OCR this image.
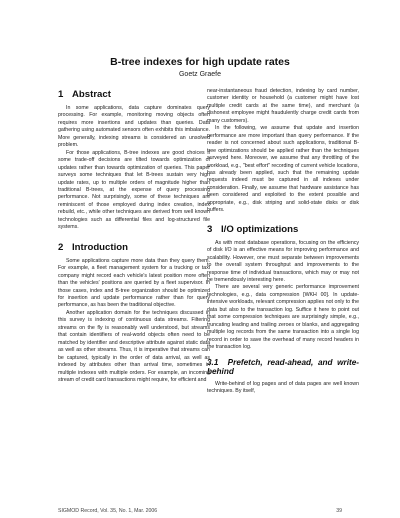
B-tree indexes for high update rates
Goetz Graefe
1 Abstract

In some applications, data capture dominates query processing. For example, monitoring moving objects often requires more insertions and updates than queries. Data gathering using automated sensors often exhibits this imbalance. More generally, indexing streams is considered an unsolved problem.

For those applications, B-tree indexes are good choices if some trade-off decisions are tilted towards optimization of updates rather than towards optimization of queries. This paper surveys some techniques that let B-trees sustain very high update rates, up to multiple orders of magnitude higher than traditional B-trees, at the expense of query processing performance. Not surprisingly, some of these techniques are reminiscent of those employed during index creation, index rebuild, etc., while other techniques are derived from well known technologies such as differential files and log-structured file systems.

2 Introduction

Some applications capture more data than they query them. For example, a fleet management system for a trucking or taxi company might record each vehicle's latest position more often than the vehicles' positions are queried by a fleet supervisor. In those cases, index and B-tree organization should be optimized for insertion and update performance rather than for query performance, as has been the traditional objective.

Another application domain for the techniques discussed in this survey is indexing of continuous data streams. Filtering streams on the fly is reasonably well understood, but streams that contain identifiers of real-world objects often need to be matched by identifier and descriptive attribute against static data as well as other streams. Thus, it is imperative that streams can be captured, typically in the order of data arrival, as well as indexed by attributes other than arrival time, sometimes in multiple indexes with multiple orders. For example, an incoming stream of credit card transactions might require, for efficient and

near-instantaneous fraud detection, indexing by card number, customer identity or household (a customer might have lost multiple credit cards at the same time), and merchant (a dishonest employee might fraudulently charge credit cards from many customers).

In the following, we assume that update and insertion performance are more important than query performance. If the reader is not concerned about such applications, traditional B-tree optimizations should be applied rather than the techniques surveyed here. Moreover, we assume that any throttling of the workload, e.g., "best effort" recording of current vehicle locations, has already been applied, such that the remaining update requests indeed must be captured in all indexes under consideration. Finally, we assume that hardware assistance has been considered and exploited to the extent possible and appropriate, e.g., disk striping and solid-state disks or disk buffers.

3 I/O optimizations

As with most database operations, focusing on the efficiency of disk I/O is an effective means for improving performance and scalability. However, one must separate between improvements to the overall system throughput and improvements to the response time of individual transactions, which may or may not be tremendously interesting here.

There are several very generic performance improvement technologies, e.g., data compression [WKH 00]. In update-intensive workloads, relevant compression applies not only to the data but also to the transaction log. Suffice it here to point out that some compression techniques are surprisingly simple, e.g., truncating leading and trailing zeroes or blanks, and aggregating multiple log records from the same transaction into a single log record in order to save the overhead of many record headers in the transaction log.

3.1 Prefetch, read-ahead, and write-behind

Write-behind of log pages and of data pages are well known techniques. By itself,

SIGMOD Record, Vol. 35, No. 1, Mar. 2006	39
